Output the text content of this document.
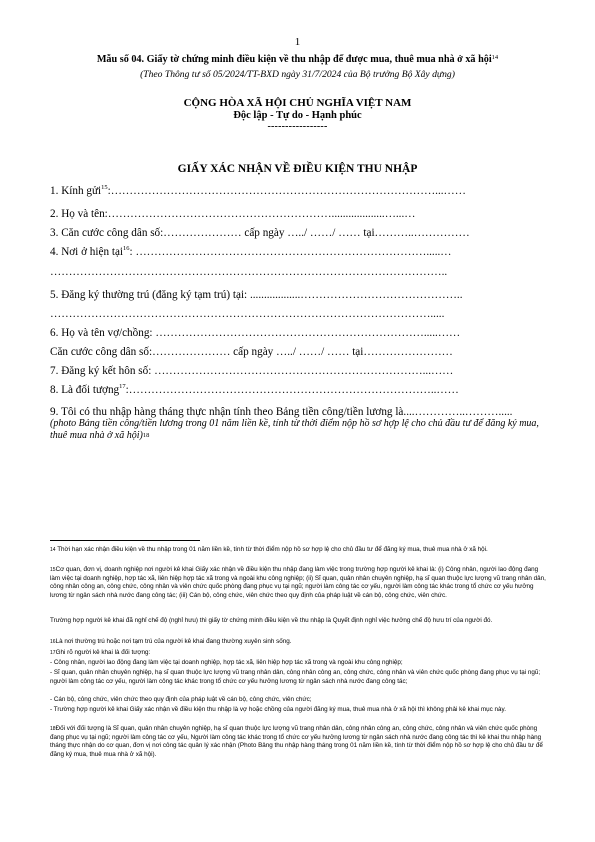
1
Mẫu số 04. Giấy tờ chứng minh điều kiện về thu nhập để được mua, thuê mua nhà ở xã hội$^{14}$
(Theo Thông tư số 05/2024/TT-BXD ngày 31/7/2024 của Bộ trưởng Bộ Xây dựng)
CỘNG HÒA XÃ HỘI CHỦ NGHĨA VIỆT NAM
Độc lập - Tự do - Hạnh phúc
-----------------
GIẤY XÁC NHẬN VỀ ĐIỀU KIỆN THU NHẬP
1. Kính gửi$^{15}$:……………………………………………………………………………...……
2. Họ và tên:……………………………………………………...................…...…
3. Căn cước công dân số:………………… cấp ngày …../ ……/ …… tại………..……………
4. Nơi ở hiện tại$^{16}$: …………………………………………………………………….....…
……………………………………………………………………………………………..
5. Đăng ký thường trú (đăng ký tạm trú) tại: ..................……………………………………..
………………………………………………………………………………………….....
6. Họ và tên vợ/chồng: ……………………………………………………………….....……
Căn cước công dân số:………………… cấp ngày …../ ……/ …… tại……………………
7. Đăng ký kết hôn số: ………………………………………………………………...……
8. Là đối tượng$^{17}$:………………………………………………………………………..……
9. Tôi có thu nhập hàng tháng thực nhận tính theo Bảng tiền công/tiền lương là....…………..……….....
(photo Bảng tiền công/tiền lương trong 01 năm liền kề, tính từ thời điểm nộp hồ sơ hợp lệ cho chủ đầu tư để đăng ký mua, thuê mua nhà ở xã hội)$^{18}$
$^{14}$ Thời hạn xác nhận điều kiện về thu nhập trong 01 năm liền kề, tính từ thời điểm nộp hồ sơ hợp lệ cho chủ đầu tư để đăng ký mua, thuê mua nhà ở xã hội.
$^{15}$Cơ quan, đơn vị, doanh nghiệp nơi người kê khai Giấy xác nhận về điều kiện thu nhập đang làm việc trong trường hợp người kê khai là: (i) Công nhân, người lao động đang làm việc tại doanh nghiệp, hợp tác xã, liên hiệp hợp tác xã trong và ngoài khu công nghiệp; (ii) Sĩ quan, quân nhân chuyên nghiệp, hạ sĩ quan thuộc lực lượng vũ trang nhân dân, công nhân công an, công chức, công nhân và viên chức quốc phòng đang phục vụ tại ngũ; người làm công tác cơ yếu, người làm công tác khác trong tổ chức cơ yếu hưởng lương từ ngân sách nhà nước đang công tác; (iii) Cán bộ, công chức, viên chức theo quy định của pháp luật về cán bộ, công chức, viên chức.
Trường hợp người kê khai đã nghỉ chế độ (nghỉ hưu) thì giấy tờ chứng minh điều kiện về thu nhập là Quyết định nghỉ việc hưởng chế độ hưu trí của người đó.
$^{16}$Là nơi thường trú hoặc nơi tạm trú của người kê khai đang thường xuyên sinh sống.
$^{17}$Ghi rõ người kê khai là đối tượng:
- Công nhân, người lao động đang làm việc tại doanh nghiệp, hợp tác xã, liên hiệp hợp tác xã trong và ngoài khu công nghiệp;
- Sĩ quan, quân nhân chuyên nghiệp, hạ sĩ quan thuộc lực lượng vũ trang nhân dân, công nhân công an, công chức, công nhân và viên chức quốc phòng đang phục vụ tại ngũ; người làm công tác cơ yếu, người làm công tác khác trong tổ chức cơ yếu hưởng lương từ ngân sách nhà nước đang công tác;
- Cán bộ, công chức, viên chức theo quy định của pháp luật về cán bộ, công chức, viên chức;
- Trường hợp người kê khai Giấy xác nhận về điều kiện thu nhập là vợ hoặc chồng của người đăng ký mua, thuê mua nhà ở xã hội thì không phải kê khai mục này.
$^{18}$Đối với đối tượng là Sĩ quan, quân nhân chuyên nghiệp, hạ sĩ quan thuộc lực lượng vũ trang nhân dân, công nhân công an, công chức, công nhân và viên chức quốc phòng đang phục vụ tại ngũ; người làm công tác cơ yếu, Người làm công tác khác trong tổ chức cơ yếu hưởng lương từ ngân sách nhà nước đang công tác thì kê khai thu nhập hàng tháng thực nhận do cơ quan, đơn vị nơi công tác quản lý xác nhận (Photo Bảng thu nhập hàng tháng trong 01 năm liền kề, tính từ thời điểm nộp hồ sơ hợp lệ cho chủ đầu tư để đăng ký mua, thuê mua nhà ở xã hội).
